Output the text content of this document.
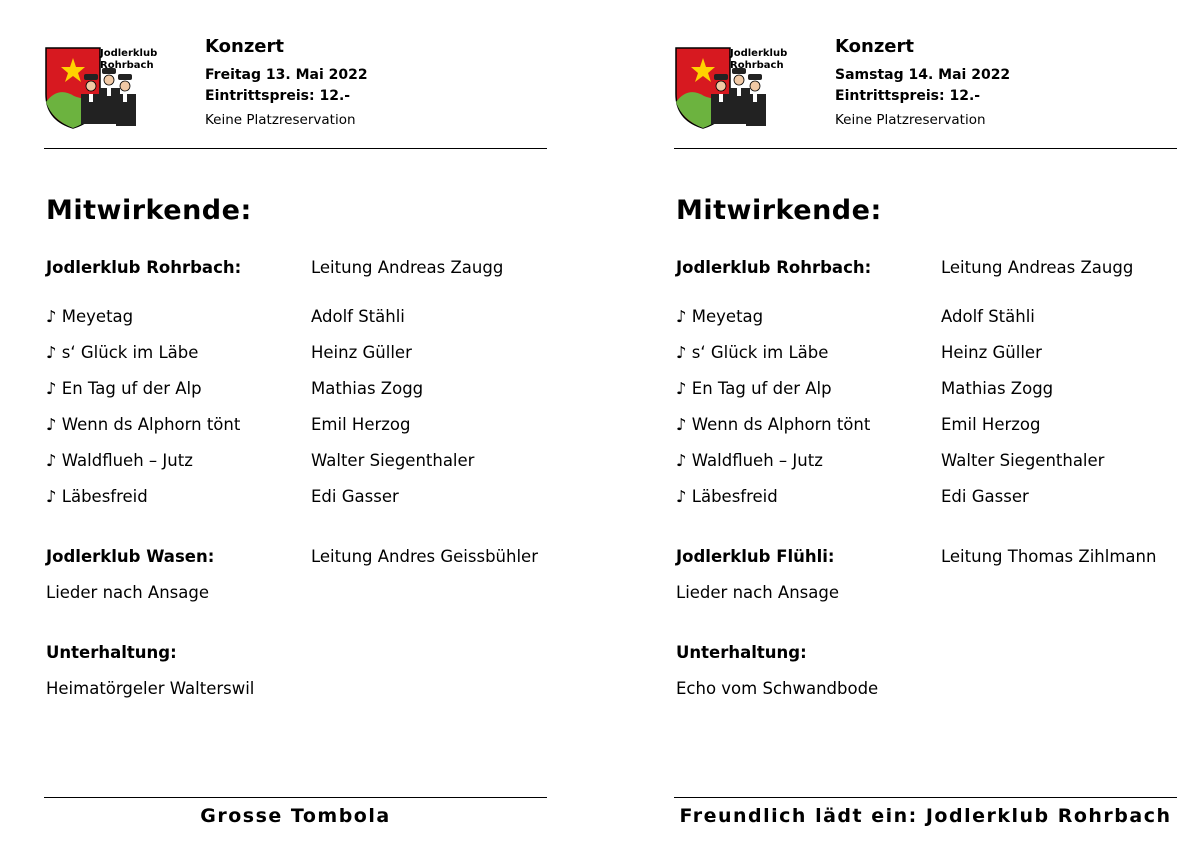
Jodlerklub
Rohrbach
Konzert
Freitag 13. Mai 2022
Eintrittspreis: 12.-
Keine Platzreservation
Mitwirkende:
Jodlerklub Rohrbach:	Leitung Andreas Zaugg
♪ Meyetag	Adolf Stähli
♪ s‘ Glück im Läbe	Heinz Güller
♪ En Tag uf der Alp	Mathias Zogg
♪ Wenn ds Alphorn tönt	Emil Herzog
♪ Waldflueh – Jutz	Walter Siegenthaler
♪ Läbesfreid	Edi Gasser
Jodlerklub Wasen:	Leitung Andres Geissbühler
Lieder nach Ansage
Unterhaltung:
Heimatörgeler Walterswil
Grosse Tombola
Jodlerklub
Rohrbach
Konzert
Samstag 14. Mai 2022
Eintrittspreis: 12.-
Keine Platzreservation
Mitwirkende:
Jodlerklub Rohrbach:	Leitung Andreas Zaugg
♪ Meyetag	Adolf Stähli
♪ s‘ Glück im Läbe	Heinz Güller
♪ En Tag uf der Alp	Mathias Zogg
♪ Wenn ds Alphorn tönt	Emil Herzog
♪ Waldflueh – Jutz	Walter Siegenthaler
♪ Läbesfreid	Edi Gasser
Jodlerklub Flühli:	Leitung Thomas Zihlmann
Lieder nach Ansage
Unterhaltung:
Echo vom Schwandbode
Freundlich lädt ein: Jodlerklub Rohrbach
